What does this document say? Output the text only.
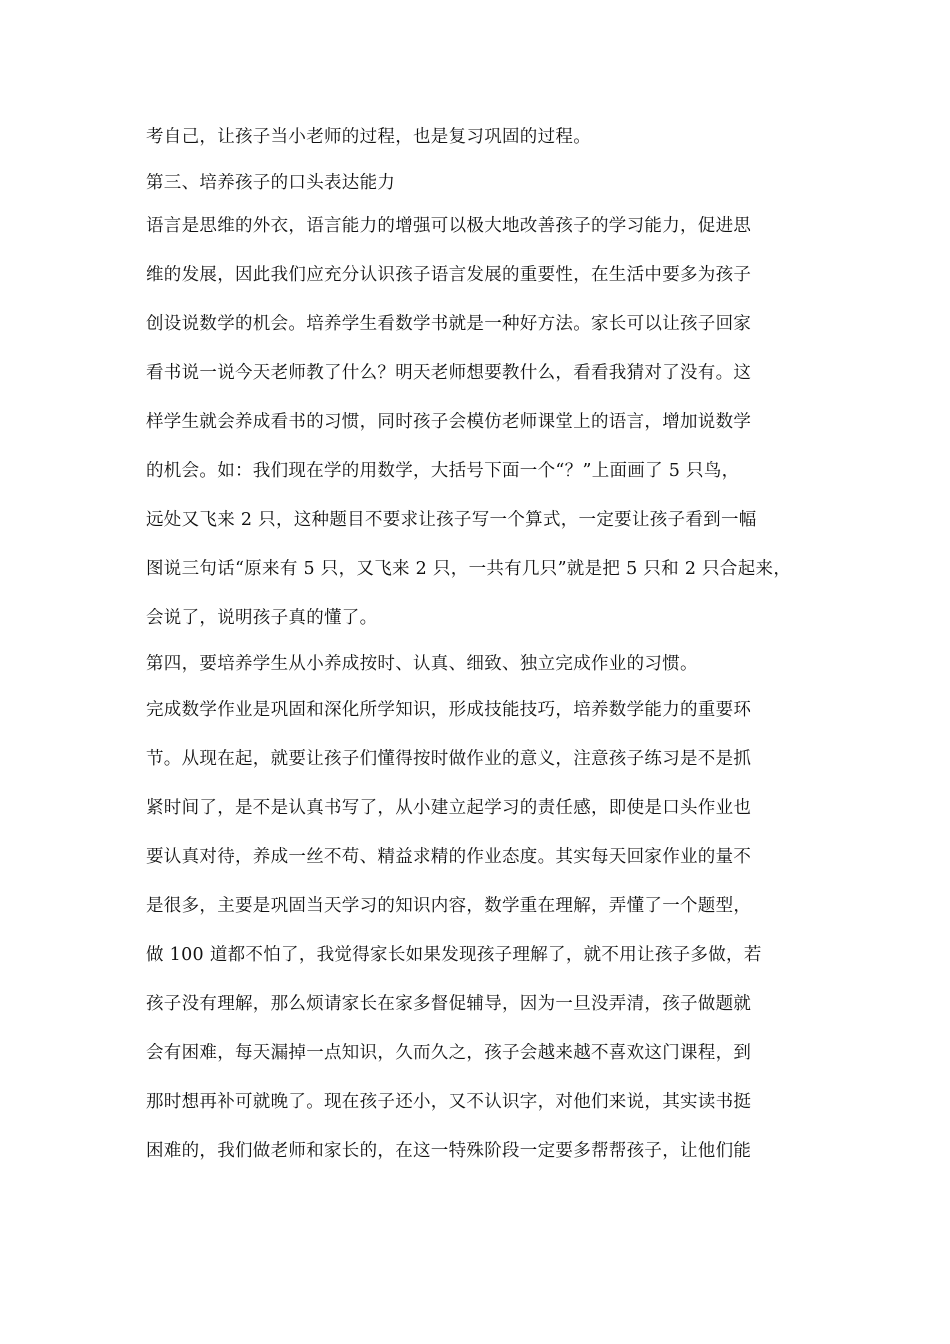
考自己，让孩子当小老师的过程，也是复习巩固的过程。
第三、培养孩子的口头表达能力
语言是思维的外衣，语言能力的增强可以极大地改善孩子的学习能力，促进思
维的发展，因此我们应充分认识孩子语言发展的重要性，在生活中要多为孩子
创设说数学的机会。培养学生看数学书就是一种好方法。家长可以让孩子回家
看书说一说今天老师教了什么？明天老师想要教什么，看看我猜对了没有。这
样学生就会养成看书的习惯，同时孩子会模仿老师课堂上的语言，增加说数学
的机会。如：我们现在学的用数学，大括号下面一个“？”上面画了 5 只鸟，
远处又飞来 2 只，这种题目不要求让孩子写一个算式，一定要让孩子看到一幅
图说三句话“原来有 5 只，又飞来 2 只，一共有几只”就是把 5 只和 2 只合起来，
会说了，说明孩子真的懂了。
第四，要培养学生从小养成按时、认真、细致、独立完成作业的习惯。
完成数学作业是巩固和深化所学知识，形成技能技巧，培养数学能力的重要环
节。从现在起，就要让孩子们懂得按时做作业的意义，注意孩子练习是不是抓
紧时间了，是不是认真书写了，从小建立起学习的责任感，即使是口头作业也
要认真对待，养成一丝不苟、精益求精的作业态度。其实每天回家作业的量不
是很多，主要是巩固当天学习的知识内容，数学重在理解，弄懂了一个题型，
做 100 道都不怕了，我觉得家长如果发现孩子理解了，就不用让孩子多做，若
孩子没有理解，那么烦请家长在家多督促辅导，因为一旦没弄清，孩子做题就
会有困难，每天漏掉一点知识，久而久之，孩子会越来越不喜欢这门课程，到
那时想再补可就晚了。现在孩子还小，又不认识字，对他们来说，其实读书挺
困难的，我们做老师和家长的，在这一特殊阶段一定要多帮帮孩子，让他们能
